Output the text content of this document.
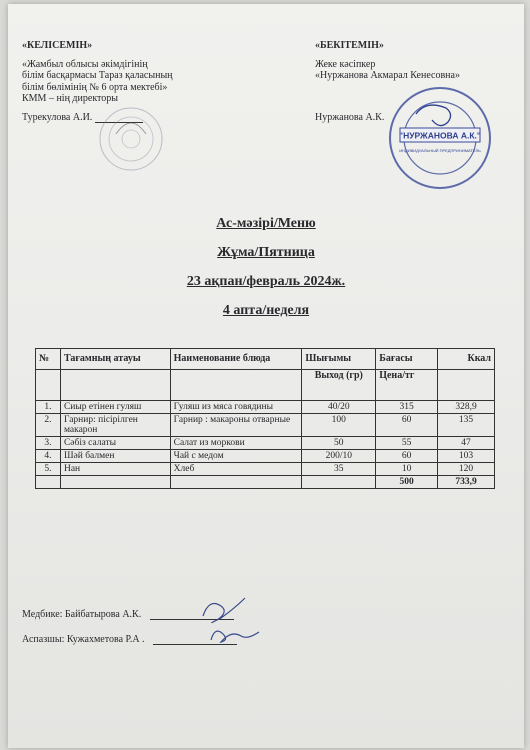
«КЕЛІСЕМІН»

«Жамбыл облысы әкімдігінің

білім басқармасы Тараз қаласының

білім бөлімінің № 6 орта мектебі»

КММ – нің директоры

Турекулова А.И.

«БЕКІТЕМІН»

Жеке кәсіпкер

«Нуржанова Акмарал Кенесовна»

Нуржанова А.К.

"НУРЖАНОВА А.К."
ИНДИВИДУАЛЬНЫЙ ПРЕДПРИНИМАТЕЛЬ
Ас-мәзірі/Меню
Жұма/Пятница
23 ақпан/февраль 2024ж.
4 апта/неделя
№	Тағамның атауы	Наименование блюда	Шығымы	Бағасы	Ккал
			Выход (гр)	Цена/тг	
1.	Сиыр етінен гуляш	Гуляш из мяса говядины	40/20	315	328,9
2.	Гарнир: пісірілген макарон	Гарнир : макароны отварные	100	60	135
3.	Сәбіз салаты	Салат из моркови	50	55	47
4.	Шәй балмен	Чай с медом	200/10	60	103
5.	Нан	Хлеб	35	10	120
				500	733,9
Медбике: Байбатырова А.К.
Аспазшы: Кужахметова Р.А .
